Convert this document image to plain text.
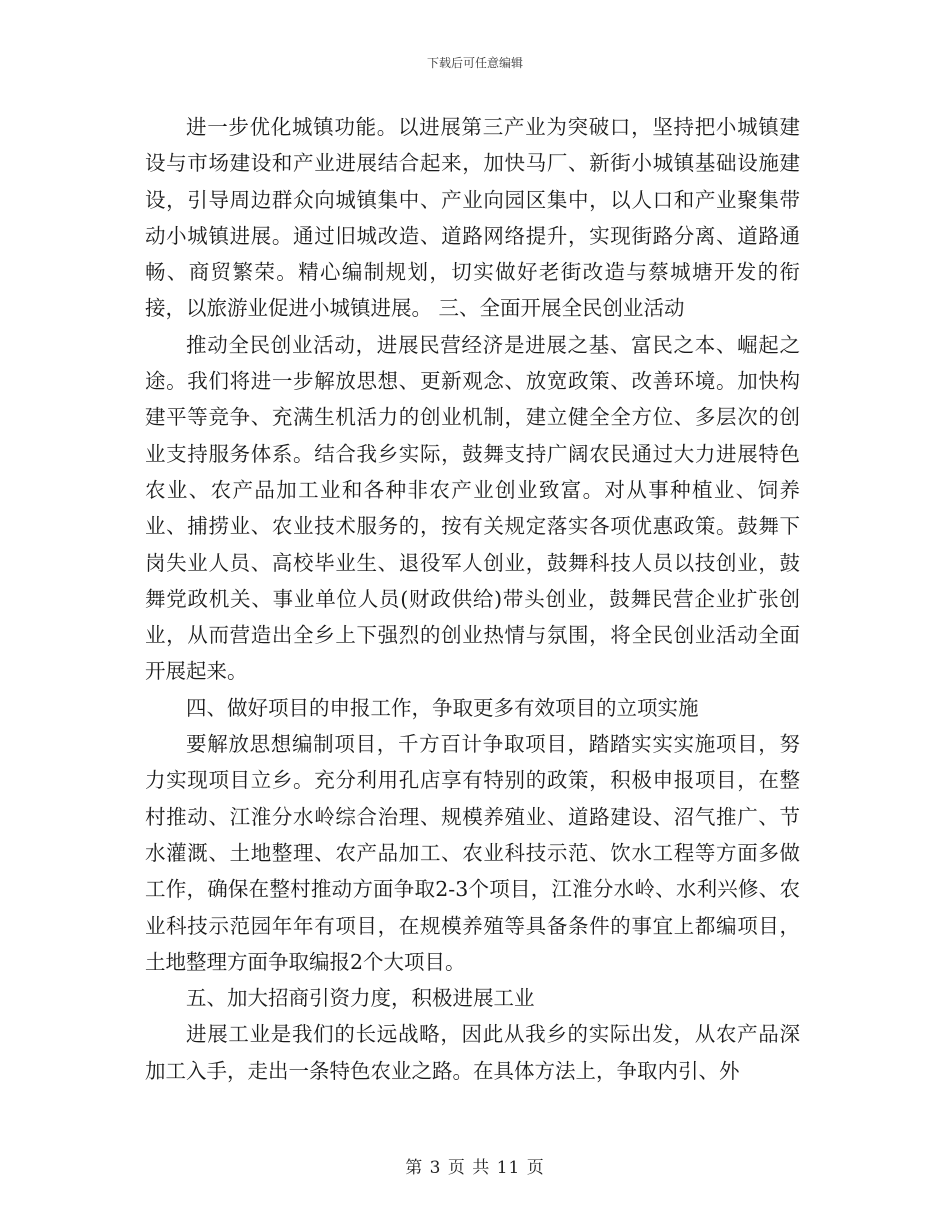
下载后可任意编辑

进一步优化城镇功能。以进展第三产业为突破口，坚持把小城镇建设与市场建设和产业进展结合起来，加快马厂、新街小城镇基础设施建设，引导周边群众向城镇集中、产业向园区集中，以人口和产业聚集带动小城镇进展。通过旧城改造、道路网络提升，实现街路分离、道路通畅、商贸繁荣。精心编制规划，切实做好老街改造与蔡城塘开发的衔接，以旅游业促进小城镇进展。 三、全面开展全民创业活动

推动全民创业活动，进展民营经济是进展之基、富民之本、崛起之途。我们将进一步解放思想、更新观念、放宽政策、改善环境。加快构建平等竞争、充满生机活力的创业机制，建立健全全方位、多层次的创业支持服务体系。结合我乡实际，鼓舞支持广阔农民通过大力进展特色农业、农产品加工业和各种非农产业创业致富。对从事种植业、饲养业、捕捞业、农业技术服务的，按有关规定落实各项优惠政策。鼓舞下岗失业人员、高校毕业生、退役军人创业，鼓舞科技人员以技创业，鼓舞党政机关、事业单位人员(财政供给)带头创业，鼓舞民营企业扩张创业，从而营造出全乡上下强烈的创业热情与氛围，将全民创业活动全面开展起来。

四、做好项目的申报工作，争取更多有效项目的立项实施

要解放思想编制项目，千方百计争取项目，踏踏实实实施项目，努力实现项目立乡。充分利用孔店享有特别的政策，积极申报项目，在整村推动、江淮分水岭综合治理、规模养殖业、道路建设、沼气推广、节水灌溉、土地整理、农产品加工、农业科技示范、饮水工程等方面多做工作，确保在整村推动方面争取2-3个项目，江淮分水岭、水利兴修、农业科技示范园年年有项目，在规模养殖等具备条件的事宜上都编项目，土地整理方面争取编报2个大项目。

五、加大招商引资力度，积极进展工业

进展工业是我们的长远战略，因此从我乡的实际出发，从农产品深加工入手，走出一条特色农业之路。在具体方法上，争取内引、外

第 3 页 共 11 页
